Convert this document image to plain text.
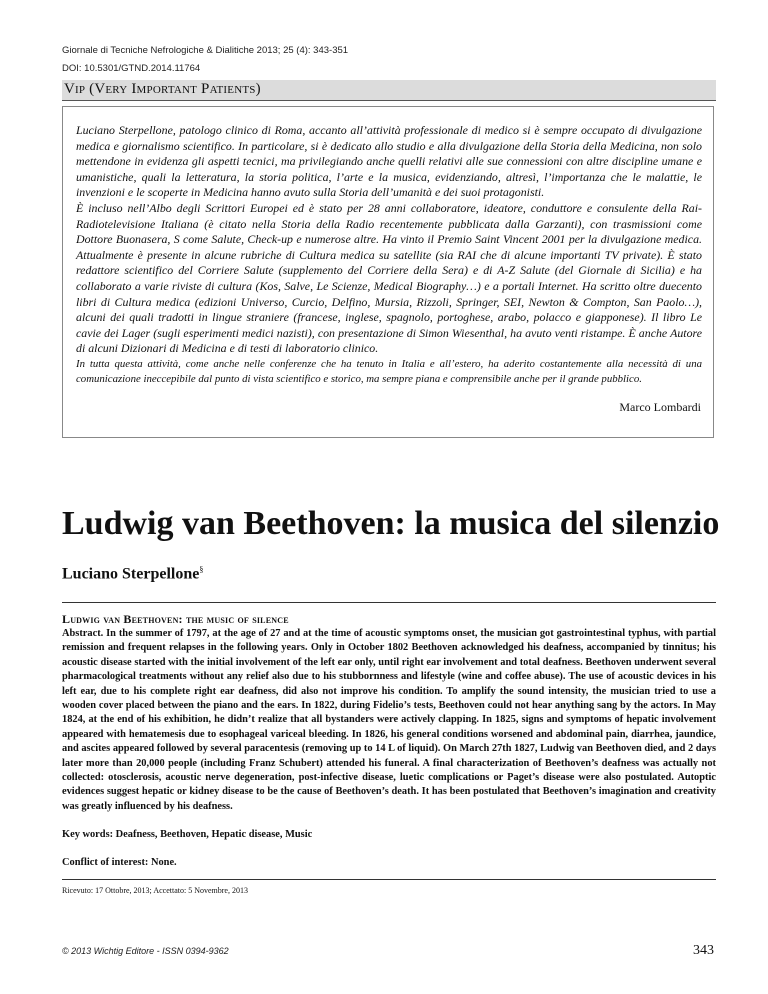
Giornale di Tecniche Nefrologiche & Dialitiche 2013; 25 (4): 343-351
DOI: 10.5301/GTND.2014.11764
Vip (Very Important Patients)

Luciano Sterpellone, patologo clinico di Roma, accanto all’attività professionale di medico si è sempre occupato di divulgazione medica e giornalismo scientifico. In particolare, si è dedicato allo studio e alla divulgazione della Storia della Medicina, non solo mettendone in evidenza gli aspetti tecnici, ma privilegiando anche quelli relativi alle sue connessioni con altre discipline umane e umanistiche, quali la letteratura, la storia politica, l’arte e la musica, evidenziando, altresì, l’importanza che le malattie, le invenzioni e le scoperte in Medicina hanno avuto sulla Storia dell’umanità e dei suoi protagonisti.

È incluso nell’Albo degli Scrittori Europei ed è stato per 28 anni collaboratore, ideatore, conduttore e consulente della Rai-Radiotelevisione Italiana (è citato nella Storia della Radio recentemente pubblicata dalla Garzanti), con trasmissioni come Dottore Buonasera, S come Salute, Check-up e numerose altre. Ha vinto il Premio Saint Vincent 2001 per la divulgazione medica. Attualmente è presente in alcune rubriche di Cultura medica su satellite (sia RAI che di alcune importanti TV private). È stato redattore scientifico del Corriere Salute (supplemento del Corriere della Sera) e di A-Z Salute (del Giornale di Sicilia) e ha collaborato a varie riviste di cultura (Kos, Salve, Le Scienze, Medical Biography…) e a portali Internet. Ha scritto oltre duecento libri di Cultura medica (edizioni Universo, Curcio, Delfino, Mursia, Rizzoli, Springer, SEI, Newton & Compton, San Paolo…), alcuni dei quali tradotti in lingue straniere (francese, inglese, spagnolo, portoghese, arabo, polacco e giapponese). Il libro Le cavie dei Lager (sugli esperimenti medici nazisti), con presentazione di Simon Wiesenthal, ha avuto venti ristampe. È anche Autore di alcuni Dizionari di Medicina e di testi di laboratorio clinico.

In tutta questa attività, come anche nelle conferenze che ha tenuto in Italia e all’estero, ha aderito costantemente alla necessità di una comunicazione ineccepibile dal punto di vista scientifico e storico, ma sempre piana e comprensibile anche per il grande pubblico.

Marco Lombardi
Ludwig van Beethoven: la musica del silenzio
Luciano Sterpellone§
Ludwig van Beethoven: the music of silence

Abstract. In the summer of 1797, at the age of 27 and at the time of acoustic symptoms onset, the musician got gastrointestinal typhus, with partial remission and frequent relapses in the following years. Only in October 1802 Beethoven acknowledged his deafness, accompanied by tinnitus; his acoustic disease started with the initial involvement of the left ear only, until right ear involvement and total deafness. Beethoven underwent several pharmacological treatments without any relief also due to his stubbornness and lifestyle (wine and coffee abuse). The use of acoustic devices in his left ear, due to his complete right ear deafness, did also not improve his condition. To amplify the sound intensity, the musician tried to use a wooden cover placed between the piano and the ears. In 1822, during Fidelio’s tests, Beethoven could not hear anything sang by the actors. In May 1824, at the end of his exhibition, he didn’t realize that all bystanders were actively clapping. In 1825, signs and symptoms of hepatic involvement appeared with hematemesis due to esophageal variceal bleeding. In 1826, his general conditions worsened and abdominal pain, diarrhea, jaundice, and ascites appeared followed by several paracentesis (removing up to 14 L of liquid). On March 27th 1827, Ludwig van Beethoven died, and 2 days later more than 20,000 people (including Franz Schubert) attended his funeral. A final characterization of Beethoven’s deafness was actually not collected: otosclerosis, acoustic nerve degeneration, post-infective disease, luetic complications or Paget’s disease were also postulated. Autoptic evidences suggest hepatic or kidney disease to be the cause of Beethoven’s death. It has been postulated that Beethoven’s imagination and creativity was greatly influenced by his deafness.

Key words: Deafness, Beethoven, Hepatic disease, Music
Conflict of interest: None.
Ricevuto: 17 Ottobre, 2013; Accettato: 5 Novembre, 2013
© 2013 Wichtig Editore - ISSN 0394-9362	343
